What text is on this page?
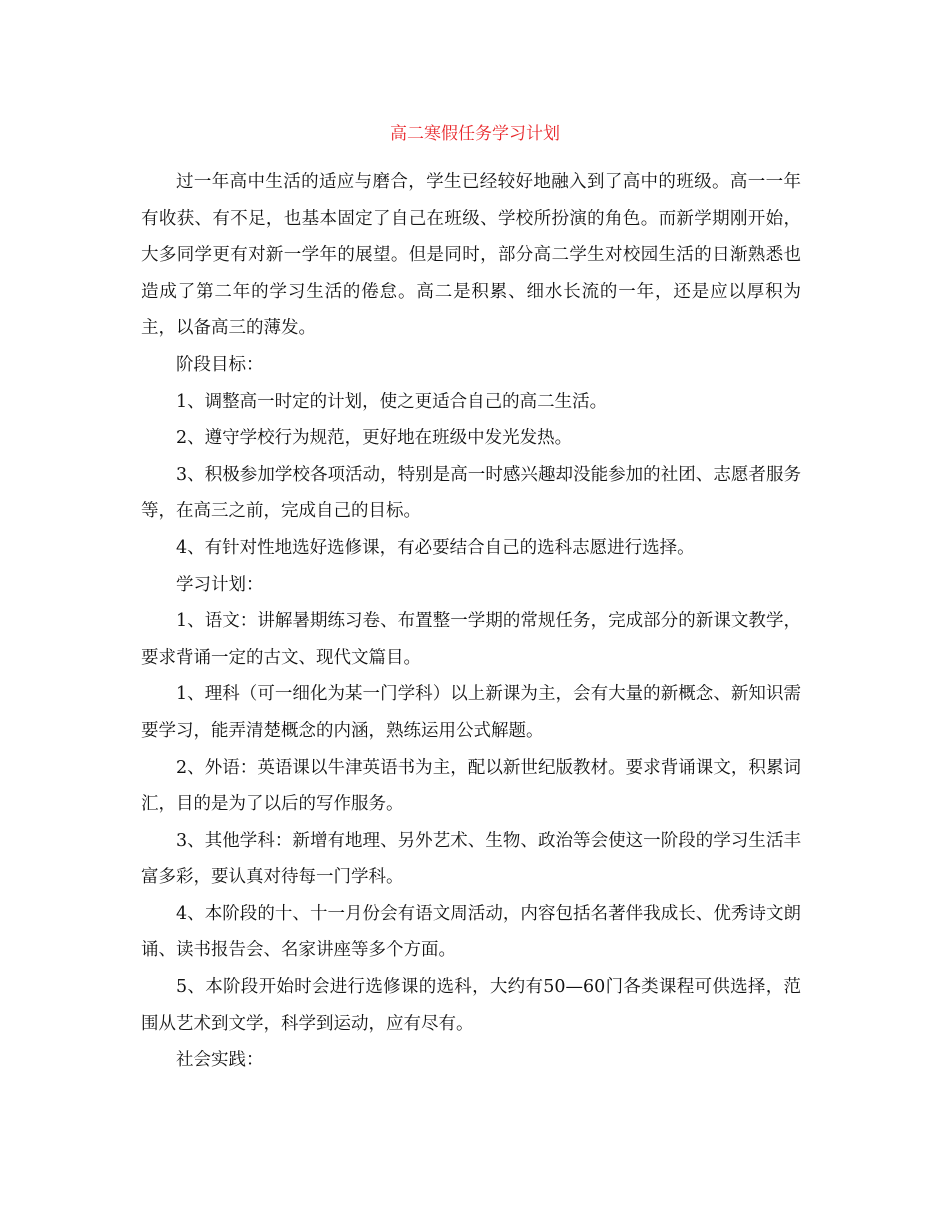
高二寒假任务学习计划

过一年高中生活的适应与磨合，学生已经较好地融入到了高中的班级。高一一年有收获、有不足，也基本固定了自己在班级、学校所扮演的角色。而新学期刚开始，大多同学更有对新一学年的展望。但是同时，部分高二学生对校园生活的日渐熟悉也造成了第二年的学习生活的倦怠。高二是积累、细水长流的一年，还是应以厚积为主，以备高三的薄发。

阶段目标：

1、调整高一时定的计划，使之更适合自己的高二生活。

2、遵守学校行为规范，更好地在班级中发光发热。

3、积极参加学校各项活动，特别是高一时感兴趣却没能参加的社团、志愿者服务等，在高三之前，完成自己的目标。

4、有针对性地选好选修课，有必要结合自己的选科志愿进行选择。

学习计划：

1、语文：讲解暑期练习卷、布置整一学期的常规任务，完成部分的新课文教学，要求背诵一定的古文、现代文篇目。

1、理科（可一细化为某一门学科）以上新课为主，会有大量的新概念、新知识需要学习，能弄清楚概念的内涵，熟练运用公式解题。

2、外语：英语课以牛津英语书为主，配以新世纪版教材。要求背诵课文，积累词汇，目的是为了以后的写作服务。

3、其他学科：新增有地理、另外艺术、生物、政治等会使这一阶段的学习生活丰富多彩，要认真对待每一门学科。

4、本阶段的十、十一月份会有语文周活动，内容包括名著伴我成长、优秀诗文朗诵、读书报告会、名家讲座等多个方面。

5、本阶段开始时会进行选修课的选科，大约有50—60门各类课程可供选择，范围从艺术到文学，科学到运动，应有尽有。

社会实践：
